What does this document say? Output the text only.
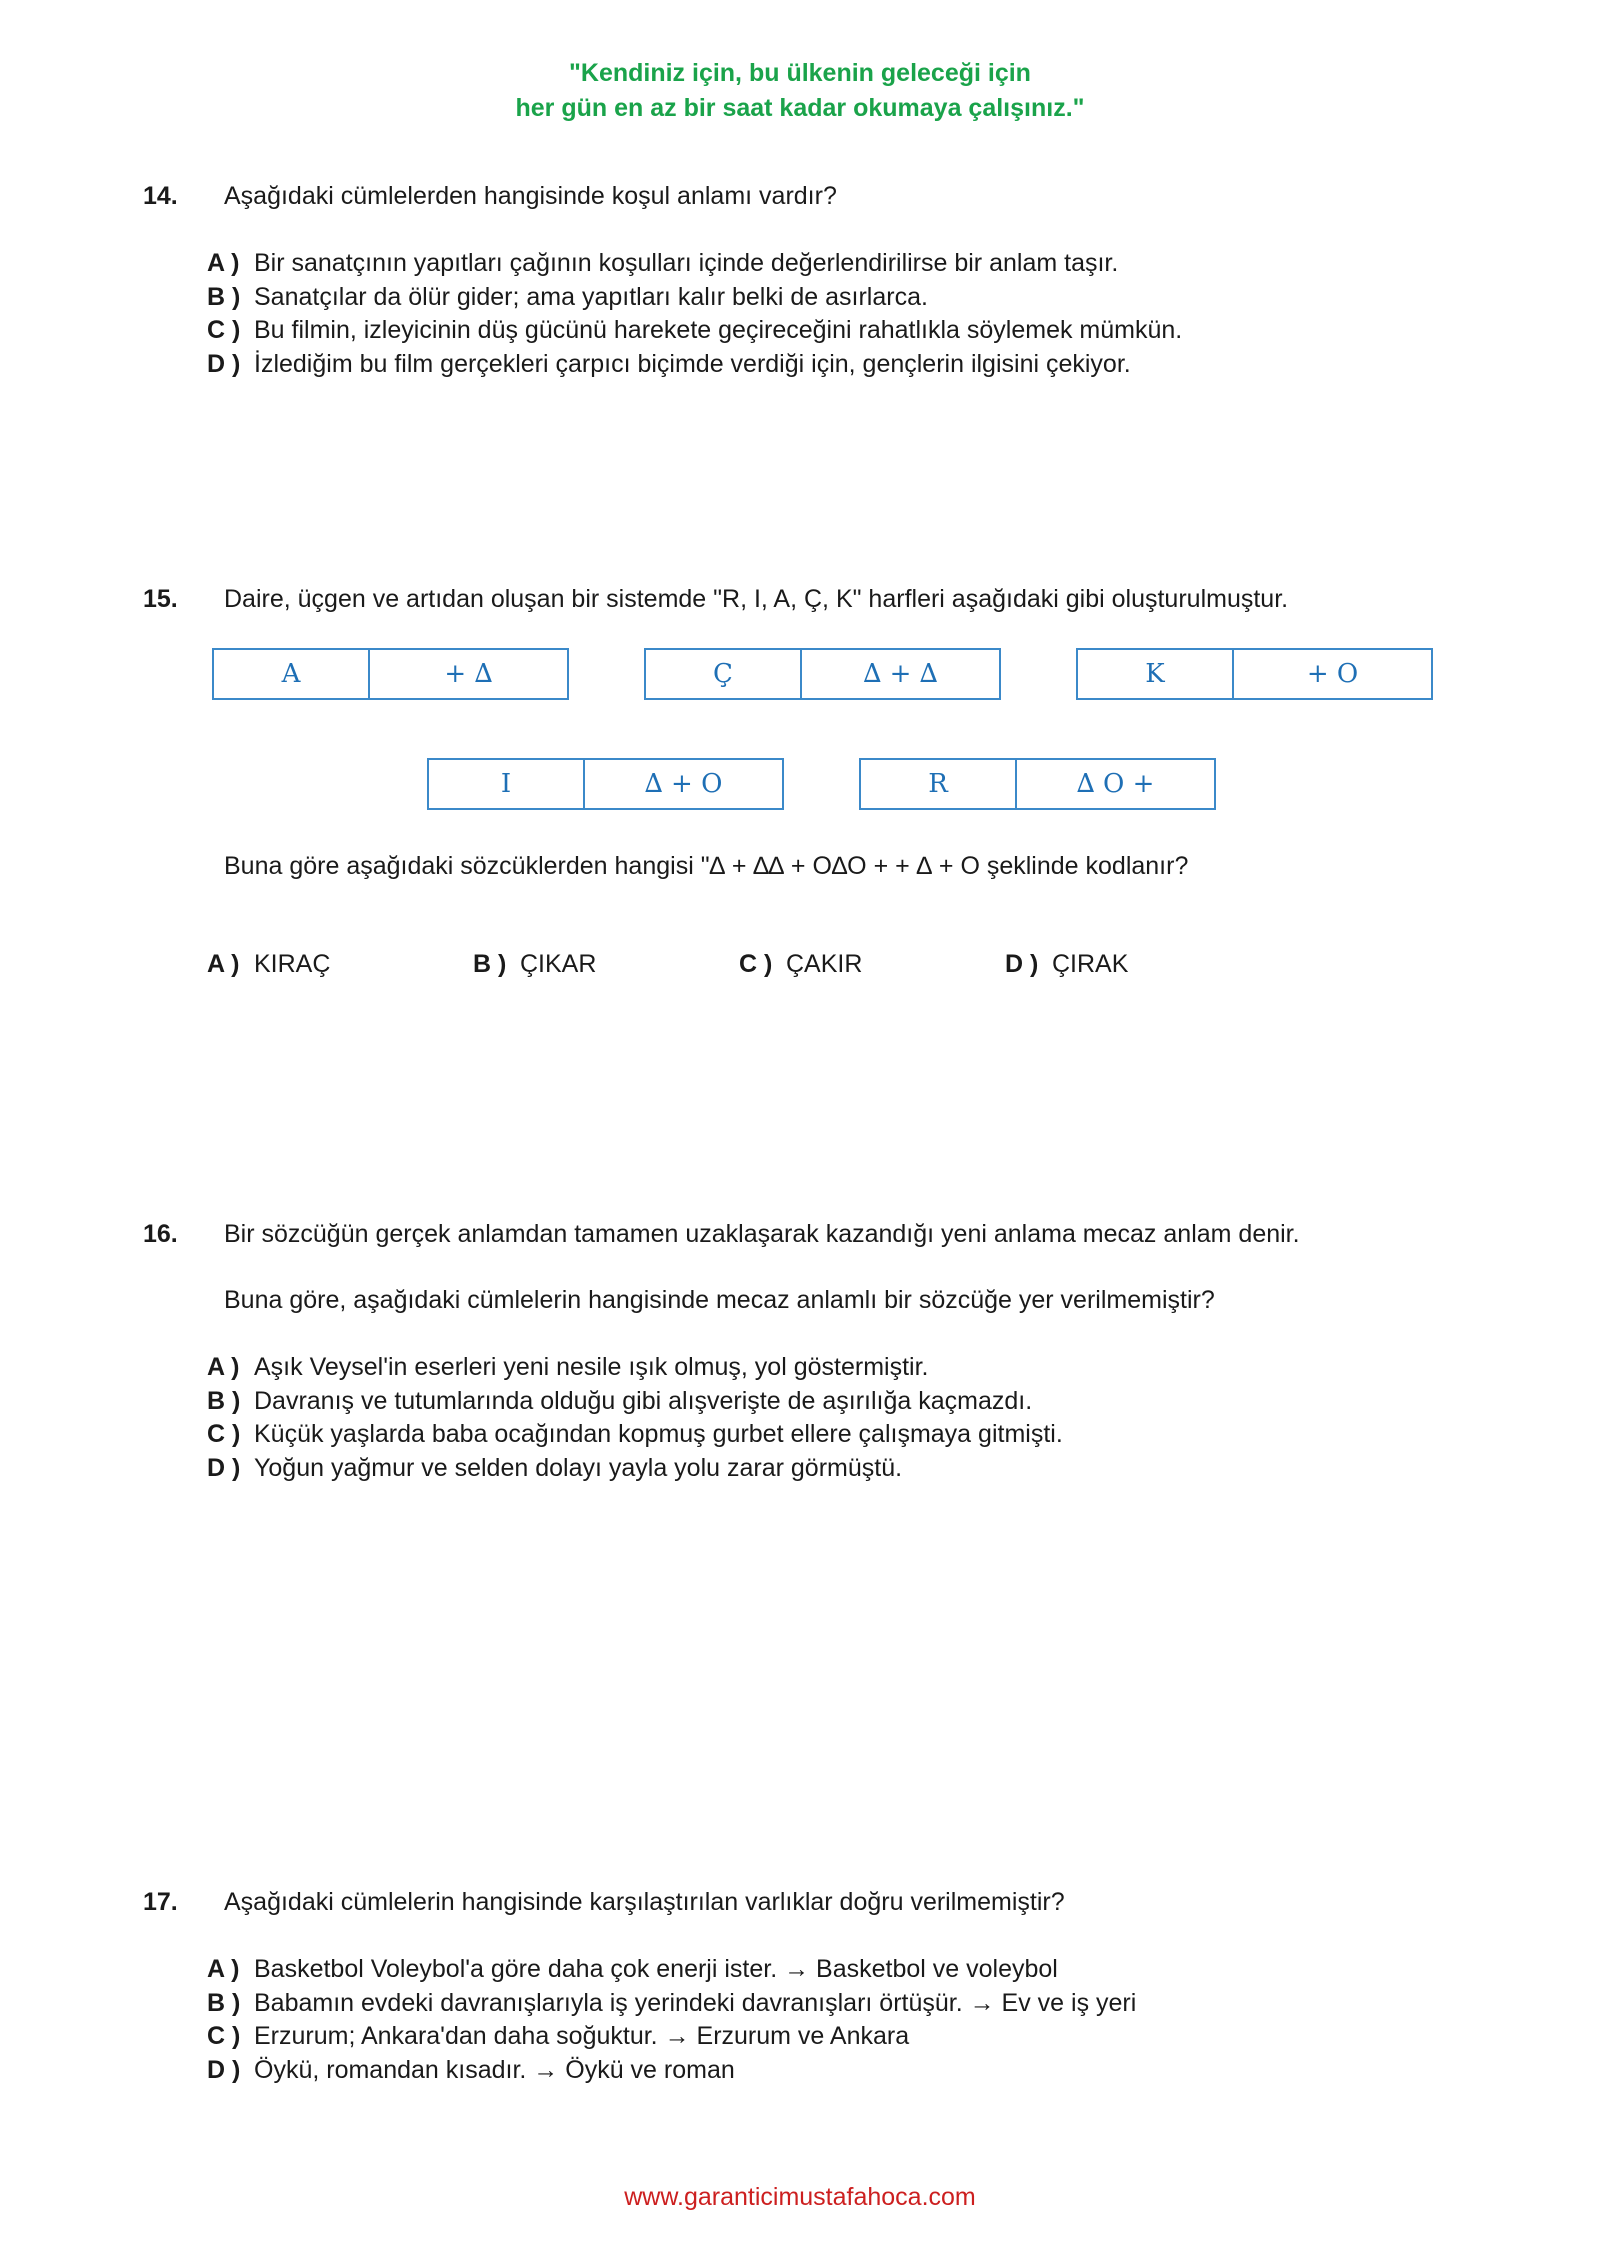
"Kendiniz için, bu ülkenin geleceği için
her gün en az bir saat kadar okumaya çalışınız."
14. Aşağıdaki cümlelerden hangisinde koşul anlamı vardır?
A ) Bir sanatçının yapıtları çağının koşulları içinde değerlendirilirse bir anlam taşır.
B ) Sanatçılar da ölür gider; ama yapıtları kalır belki de asırlarca.
C ) Bu filmin, izleyicinin düş gücünü harekete geçireceğini rahatlıkla söylemek mümkün.
D ) İzlediğim bu film gerçekleri çarpıcı biçimde verdiği için, gençlerin ilgisini çekiyor.
15. Daire, üçgen ve artıdan oluşan bir sistemde "R, I, A, Ç, K" harfleri aşağıdaki gibi oluşturulmuştur.
A	+ ∆	Ç	∆ + ∆	K	+ O
I	∆ + O	R	∆ O +
Buna göre aşağıdaki sözcüklerden hangisi "∆ + ∆∆ + O∆O + + ∆ + O şeklinde kodlanır?
A ) KIRAÇ	B ) ÇIKAR	C ) ÇAKIR	D ) ÇIRAK
16. Bir sözcüğün gerçek anlamdan tamamen uzaklaşarak kazandığı yeni anlama mecaz anlam denir.
Buna göre, aşağıdaki cümlelerin hangisinde mecaz anlamlı bir sözcüğe yer verilmemiştir?
A ) Aşık Veysel'in eserleri yeni nesile ışık olmuş, yol göstermiştir.
B ) Davranış ve tutumlarında olduğu gibi alışverişte de aşırılığa kaçmazdı.
C ) Küçük yaşlarda baba ocağından kopmuş gurbet ellere çalışmaya gitmişti.
D ) Yoğun yağmur ve selden dolayı yayla yolu zarar görmüştü.
17. Aşağıdaki cümlelerin hangisinde karşılaştırılan varlıklar doğru verilmemiştir?
A ) Basketbol Voleybol'a göre daha çok enerji ister. → Basketbol ve voleybol
B ) Babamın evdeki davranışlarıyla iş yerindeki davranışları örtüşür. → Ev ve iş yeri
C ) Erzurum; Ankara'dan daha soğuktur. → Erzurum ve Ankara
D ) Öykü, romandan kısadır. → Öykü ve roman
www.garanticimustafahoca.com
